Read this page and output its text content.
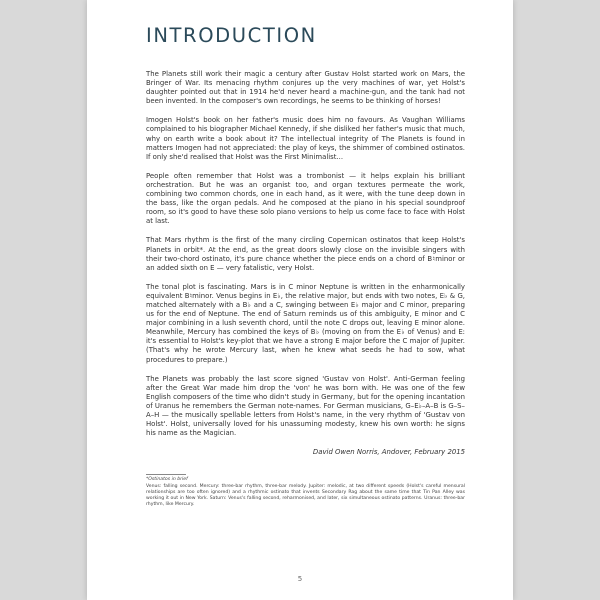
INTRODUCTION

The Planets still work their magic a century after Gustav Holst started work on Mars, the Bringer of War. Its menacing rhythm conjures up the very machines of war, yet Holst's daughter pointed out that in 1914 he'd never heard a machine-gun, and the tank had not been invented. In the composer's own recordings, he seems to be thinking of horses!

Imogen Holst's book on her father's music does him no favours. As Vaughan Williams complained to his biographer Michael Kennedy, if she disliked her father's music that much, why on earth write a book about it? The intellectual integrity of The Planets is found in matters Imogen had not appreciated: the play of keys, the shimmer of combined ostinatos. If only she'd realised that Holst was the First Minimalist...

People often remember that Holst was a trombonist — it helps explain his brilliant orchestration. But he was an organist too, and organ textures permeate the work, combining two common chords, one in each hand, as it were, with the tune deep down in the bass, like the organ pedals. And he composed at the piano in his special soundproof room, so it's good to have these solo piano versions to help us come face to face with Holst at last.

That Mars rhythm is the first of the many circling Copernican ostinatos that keep Holst's Planets in orbit*. At the end, as the great doors slowly close on the invisible singers with their two-chord ostinato, it's pure chance whether the piece ends on a chord of B♮minor or an added sixth on E — very fatalistic, very Holst.

The tonal plot is fascinating. Mars is in C minor Neptune is written in the enharmonically equivalent B♮minor. Venus begins in E♭, the relative major, but ends with two notes, E♭ & G, matched alternately with a B♭ and a C, swinging between E♭ major and C minor, preparing us for the end of Neptune. The end of Saturn reminds us of this ambiguity, E minor and C major combining in a lush seventh chord, until the note C drops out, leaving E minor alone. Meanwhile, Mercury has combined the keys of B♭ (moving on from the E♭ of Venus) and E: it's essential to Holst's key-plot that we have a strong E major before the C major of Jupiter. (That's why he wrote Mercury last, when he knew what seeds he had to sow, what procedures to prepare.)

The Planets was probably the last score signed 'Gustav von Holst'. Anti-German feeling after the Great War made him drop the 'von' he was born with. He was one of the few English composers of the time who didn't study in Germany, but for the opening incantation of Uranus he remembers the German note-names. For German musicians, G–E♭–A–B is G–S–A–H — the musically spellable letters from Holst's name, in the very rhythm of 'Gustav von Holst'. Holst, universally loved for his unassuming modesty, knew his own worth: he signs his name as the Magician.

David Owen Norris, Andover, February 2015

*Ostinatos in brief

Venus: falling second. Mercury: three-bar rhythm, three-bar melody. Jupiter: melodic, at two different speeds (Holst's careful mensural relationships are too often ignored) and a rhythmic ostinato that invents Secondary Rag about the same time that Tin Pan Alley was working it out in New York. Saturn: Venus's falling second, reharmonised, and later, six simultaneous ostinato patterns. Uranus: three-bar rhythm, like Mercury.

5
